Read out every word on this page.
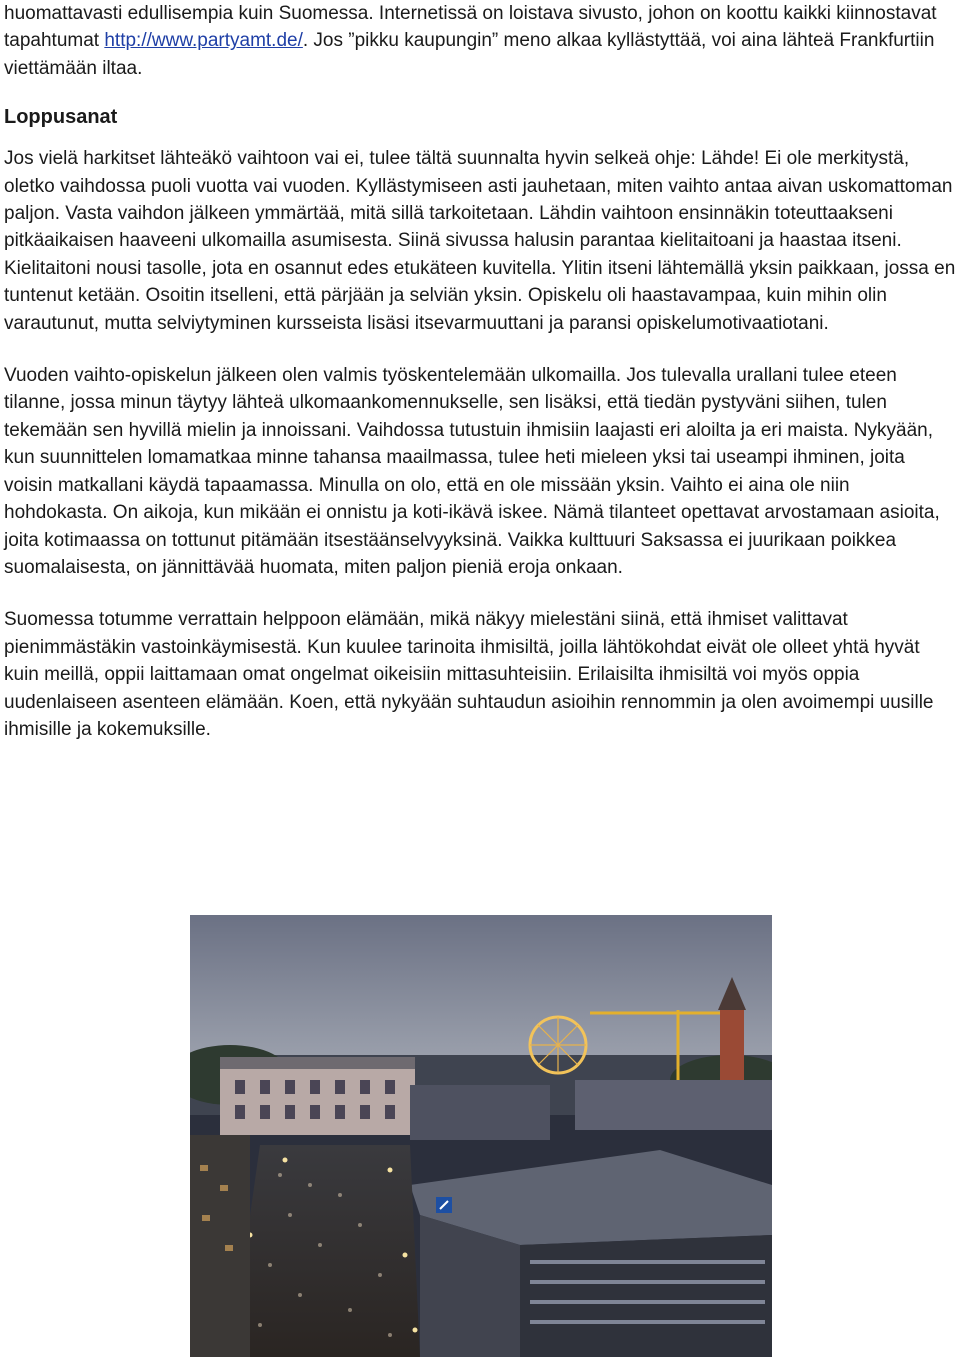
huomattavasti edullisempia kuin Suomessa. Internetissä on loistava sivusto, johon on koottu kaikki kiinnostavat tapahtumat http://www.partyamt.de/. Jos ”pikku kaupungin” meno alkaa kyllästyttää, voi aina lähteä Frankfurtiin viettämään iltaa.

Loppusanat

Jos vielä harkitset lähteäkö vaihtoon vai ei, tulee tältä suunnalta hyvin selkeä ohje: Lähde! Ei ole merkitystä, oletko vaihdossa puoli vuotta vai vuoden. Kyllästymiseen asti jauhetaan, miten vaihto antaa aivan uskomattoman paljon. Vasta vaihdon jälkeen ymmärtää, mitä sillä tarkoitetaan. Lähdin vaihtoon ensinnäkin toteuttaakseni pitkäaikaisen haaveeni ulkomailla asumisesta. Siinä sivussa halusin parantaa kielitaitoani ja haastaa itseni. Kielitaitoni nousi tasolle, jota en osannut edes etukäteen kuvitella. Ylitin itseni lähtemällä yksin paikkaan, jossa en tuntenut ketään. Osoitin itselleni, että pärjään ja selviän yksin. Opiskelu oli haastavampaa, kuin mihin olin varautunut, mutta selviytyminen kursseista lisäsi itsevarmuuttani ja paransi opiskelumotivaatiotani.

Vuoden vaihto-opiskelun jälkeen olen valmis työskentelemään ulkomailla. Jos tulevalla urallani tulee eteen tilanne, jossa minun täytyy lähteä ulkomaankomennukselle, sen lisäksi, että tiedän pystyväni siihen, tulen tekemään sen hyvillä mielin ja innoissani. Vaihdossa tutustuin ihmisiin laajasti eri aloilta ja eri maista. Nykyään, kun suunnittelen lomamatkaa minne tahansa maailmassa, tulee heti mieleen yksi tai useampi ihminen, joita voisin matkallani käydä tapaamassa. Minulla on olo, että en ole missään yksin. Vaihto ei aina ole niin hohdokasta. On aikoja, kun mikään ei onnistu ja koti-ikävä iskee. Nämä tilanteet opettavat arvostamaan asioita, joita kotimaassa on tottunut pitämään itsestäänselvyyksinä. Vaikka kulttuuri Saksassa ei juurikaan poikkea suomalaisesta, on jännittävää huomata, miten paljon pieniä eroja onkaan.

Suomessa totumme verrattain helppoon elämään, mikä näkyy mielestäni siinä, että ihmiset valittavat pienimmästäkin vastoinkäymisestä. Kun kuulee tarinoita ihmisiltä, joilla lähtökohdat eivät ole olleet yhtä hyvät kuin meillä, oppii laittamaan omat ongelmat oikeisiin mittasuhteisiin. Erilaisilta ihmisiltä voi myös oppia uudenlaiseen asenteen elämään. Koen, että nykyään suhtaudun asioihin rennommin ja olen avoimempi uusille ihmisille ja kokemuksille.
